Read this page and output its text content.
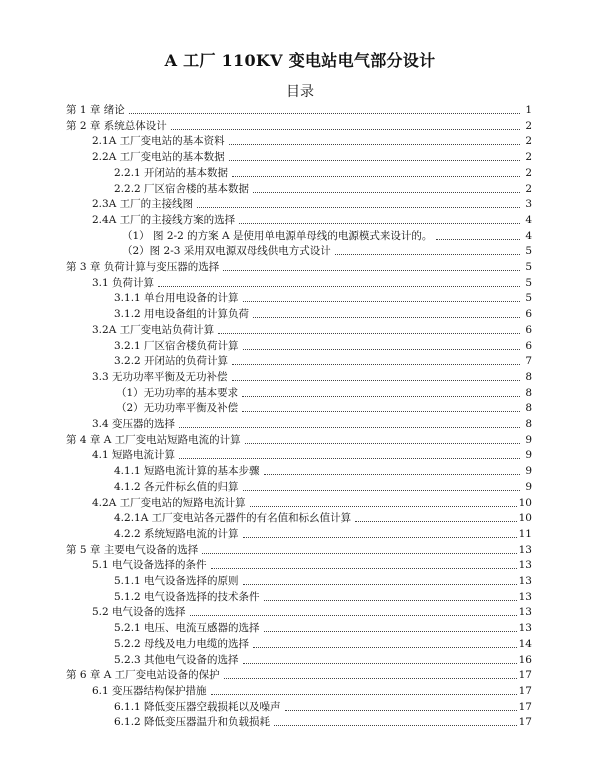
A 工厂 110KV 变电站电气部分设计
目录
第 1 章 绪论	1
第 2 章 系统总体设计	2
2.1A 工厂变电站的基本资料	2
2.2A 工厂变电站的基本数据	2
2.2.1 开闭站的基本数据	2
2.2.2 厂区宿舍楼的基本数据	2
2.3A 工厂的主接线图	3
2.4A 工厂的主接线方案的选择	4
（1） 图 2-2 的方案 A 是使用单电源单母线的电源模式来设计的。	4
（2）图 2-3 采用双电源双母线供电方式设计	5
第 3 章 负荷计算与变压器的选择	5
3.1 负荷计算	5
3.1.1 单台用电设备的计算	5
3.1.2 用电设备组的计算负荷	6
3.2A 工厂变电站负荷计算	6
3.2.1 厂区宿舍楼负荷计算	6
3.2.2 开闭站的负荷计算	7
3.3 无功功率平衡及无功补偿	8
（1）无功功率的基本要求	8
（2）无功功率平衡及补偿	8
3.4 变压器的选择	8
第 4 章 A 工厂变电站短路电流的计算	9
4.1 短路电流计算	9
4.1.1 短路电流计算的基本步骤	9
4.1.2 各元件标幺值的归算	9
4.2A 工厂变电站的短路电流计算	10
4.2.1A 工厂变电站各元器件的有名值和标幺值计算	10
4.2.2 系统短路电流的计算	11
第 5 章 主要电气设备的选择	13
5.1 电气设备选择的条件	13
5.1.1 电气设备选择的原则	13
5.1.2 电气设备选择的技术条件	13
5.2 电气设备的选择	13
5.2.1 电压、电流互感器的选择	13
5.2.2 母线及电力电缆的选择	14
5.2.3 其他电气设备的选择	16
第 6 章 A 工厂变电站设备的保护	17
6.1 变压器结构保护措施	17
6.1.1 降低变压器空载损耗以及噪声	17
6.1.2 降低变压器温升和负载损耗	17
